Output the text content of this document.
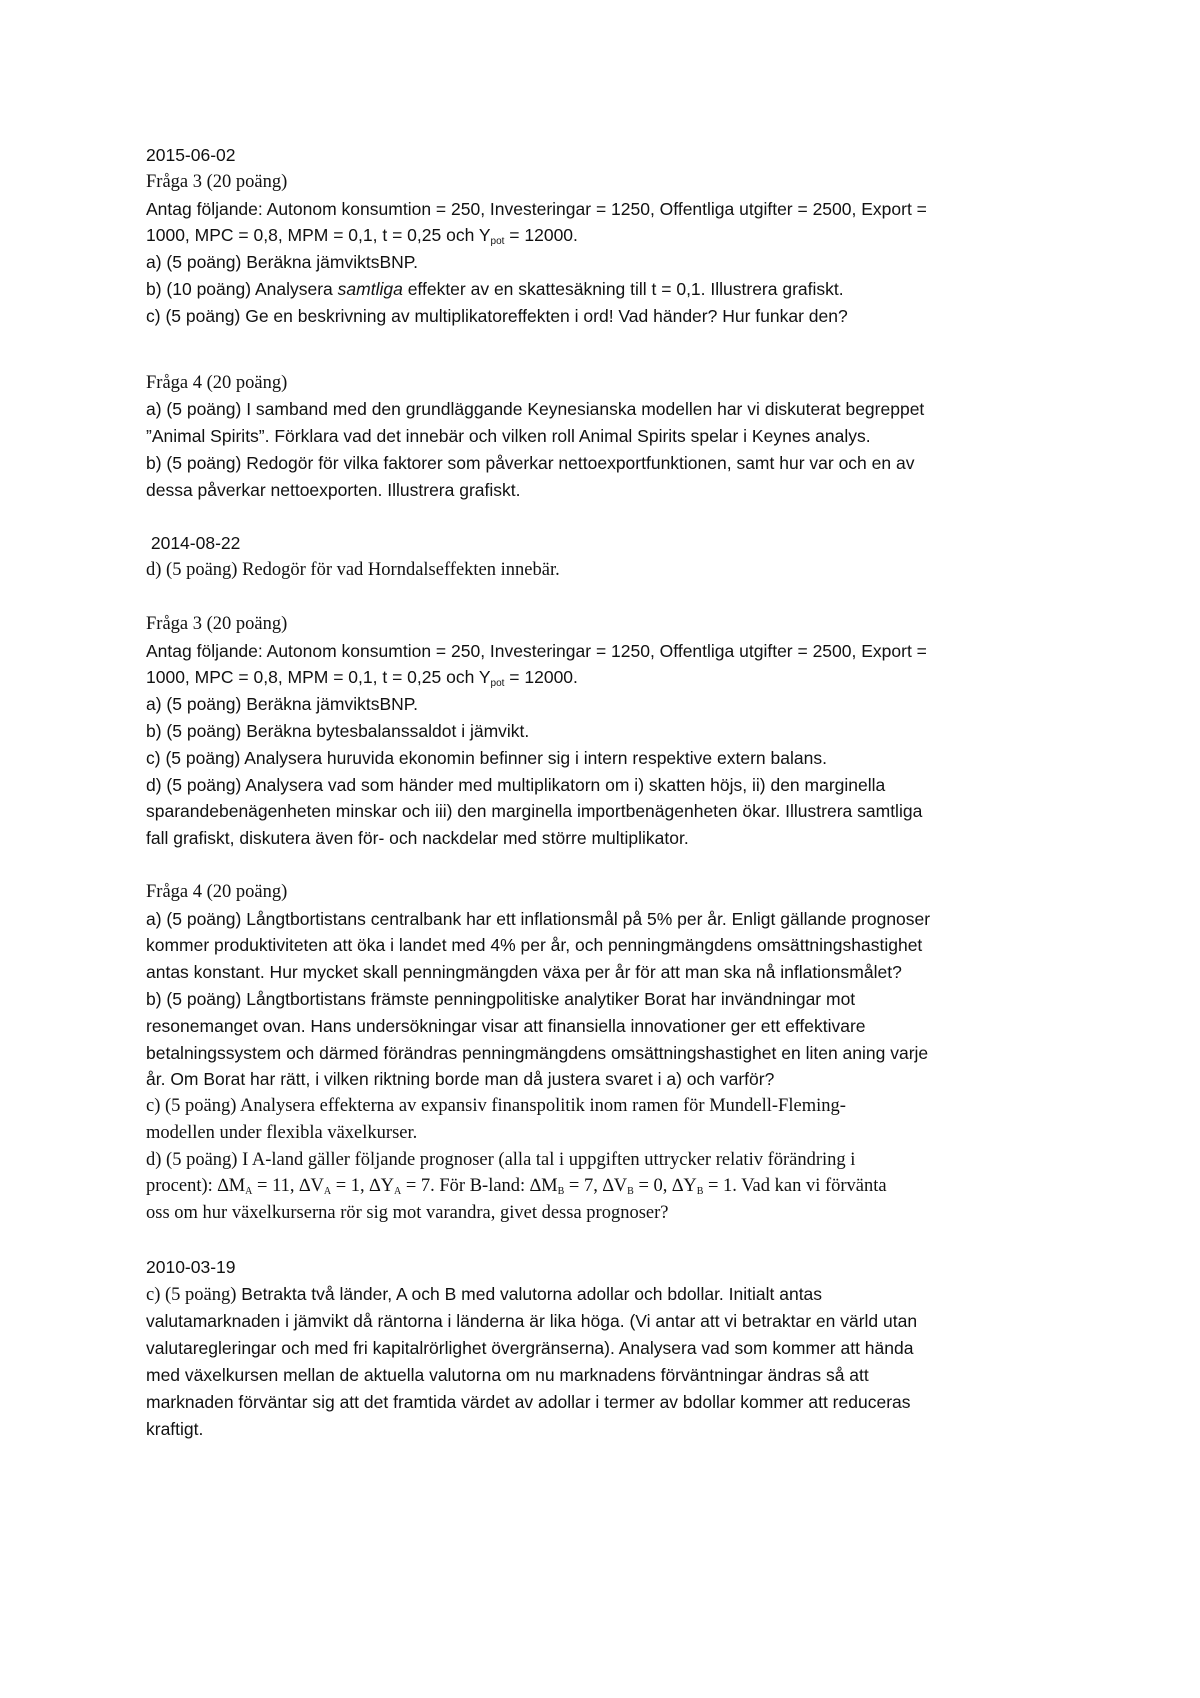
2015-06-02
Fråga 3 (20 poäng)
Antag följande: Autonom konsumtion = 250, Investeringar = 1250, Offentliga utgifter = 2500, Export =
1000, MPC = 0,8, MPM = 0,1, t = 0,25 och $Y_{pot} = 12000$.
a) (5 poäng) Beräkna jämviktsBNP.
b) (10 poäng) Analysera samtliga effekter av en skattesäkning till t = 0,1. Illustrera grafiskt.
c) (5 poäng) Ge en beskrivning av multiplikatoreffekten i ord! Vad händer? Hur funkar den?
Fråga 4 (20 poäng)
a) (5 poäng) I samband med den grundläggande Keynesianska modellen har vi diskuterat begreppet
”Animal Spirits”. Förklara vad det innebär och vilken roll Animal Spirits spelar i Keynes analys.
b) (5 poäng) Redogör för vilka faktorer som påverkar nettoexportfunktionen, samt hur var och en av
dessa påverkar nettoexporten. Illustrera grafiskt.
2014-08-22
d) (5 poäng) Redogör för vad Horndalseffekten innebär.
Fråga 3 (20 poäng)
Antag följande: Autonom konsumtion = 250, Investeringar = 1250, Offentliga utgifter = 2500, Export =
1000, MPC = 0,8, MPM = 0,1, t = 0,25 och $Y_{pot} = 12000$.
a) (5 poäng) Beräkna jämviktsBNP.
b) (5 poäng) Beräkna bytesbalanssaldot i jämvikt.
c) (5 poäng) Analysera huruvida ekonomin befinner sig i intern respektive extern balans.
d) (5 poäng) Analysera vad som händer med multiplikatorn om i) skatten höjs, ii) den marginella
sparandebenägenheten minskar och iii) den marginella importbenägenheten ökar. Illustrera samtliga
fall grafiskt, diskutera även för- och nackdelar med större multiplikator.
Fråga 4 (20 poäng)
a) (5 poäng) Långtbortistans centralbank har ett inflationsmål på 5% per år. Enligt gällande prognoser
kommer produktiviteten att öka i landet med 4% per år, och penningmängdens omsättningshastighet
antas konstant. Hur mycket skall penningmängden växa per år för att man ska nå inflationsmålet?
b) (5 poäng) Långtbortistans främste penningpolitiske analytiker Borat har invändningar mot
resonemanget ovan. Hans undersökningar visar att finansiella innovationer ger ett effektivare
betalningssystem och därmed förändras penningmängdens omsättningshastighet en liten aning varje
år. Om Borat har rätt, i vilken riktning borde man då justera svaret i a) och varför?
c) (5 poäng) Analysera effekterna av expansiv finanspolitik inom ramen för Mundell-Fleming-
modellen under flexibla växelkurser.
d) (5 poäng) I A-land gäller följande prognoser (alla tal i uppgiften uttrycker relativ förändring i
procent): $\Delta M_A = 11$, $\Delta V_A = 1$, $\Delta Y_A = 7$. För B-land: $\Delta M_B = 7$, $\Delta V_B = 0$, $\Delta Y_B = 1$. Vad kan vi förvänta
oss om hur växelkurserna rör sig mot varandra, givet dessa prognoser?
2010-03-19
c) (5 poäng) Betrakta två länder, A och B med valutorna adollar och bdollar. Initialt antas
valutamarknaden i jämvikt då räntorna i länderna är lika höga. (Vi antar att vi betraktar en värld utan
valutaregleringar och med fri kapitalrörlighet övergränserna). Analysera vad som kommer att hända
med växelkursen mellan de aktuella valutorna om nu marknadens förväntningar ändras så att
marknaden förväntar sig att det framtida värdet av adollar i termer av bdollar kommer att reduceras
kraftigt.
